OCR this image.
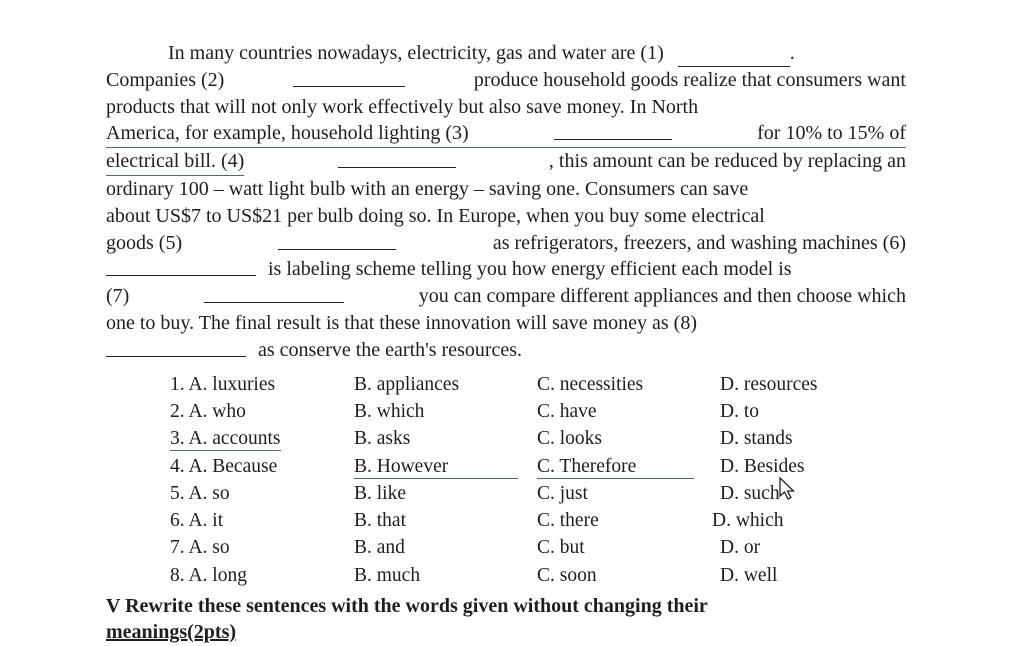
In many countries nowadays, electricity, gas and water are (1)	.
Companies (2)	produce household goods realize that consumers want
products that will not only work effectively but also save money. In North
America, for example, household lighting (3)	for 10% to 15% of
electrical bill. (4)	, this amount can be reduced by replacing an
ordinary 100 – watt light bulb with an energy – saving one. Consumers can save
about US$7 to US$21 per bulb doing so. In Europe, when you buy some electrical
goods (5)	as refrigerators, freezers, and washing machines (6)
is labeling scheme telling you how energy efficient each model is
(7)	you can compare different appliances and then choose which
one to buy. The final result is that these innovation will save money as (8)
as conserve the earth's resources.
1. A. luxuries	B. appliances	C. necessities	D. resources
2. A. who	B. which	C. have	D. to
3. A. accounts	B. asks	C. looks	D. stands
4. A. Because	B. However	C. Therefore	D. Besides
5. A. so	B. like	C. just	D. such
6. A. it	B. that	C. there	D. which
7. A. so	B. and	C. but	D. or
8. A. long	B. much	C. soon	D. well
V Rewrite these sentences with the words given without changing their
meanings(2pts)
